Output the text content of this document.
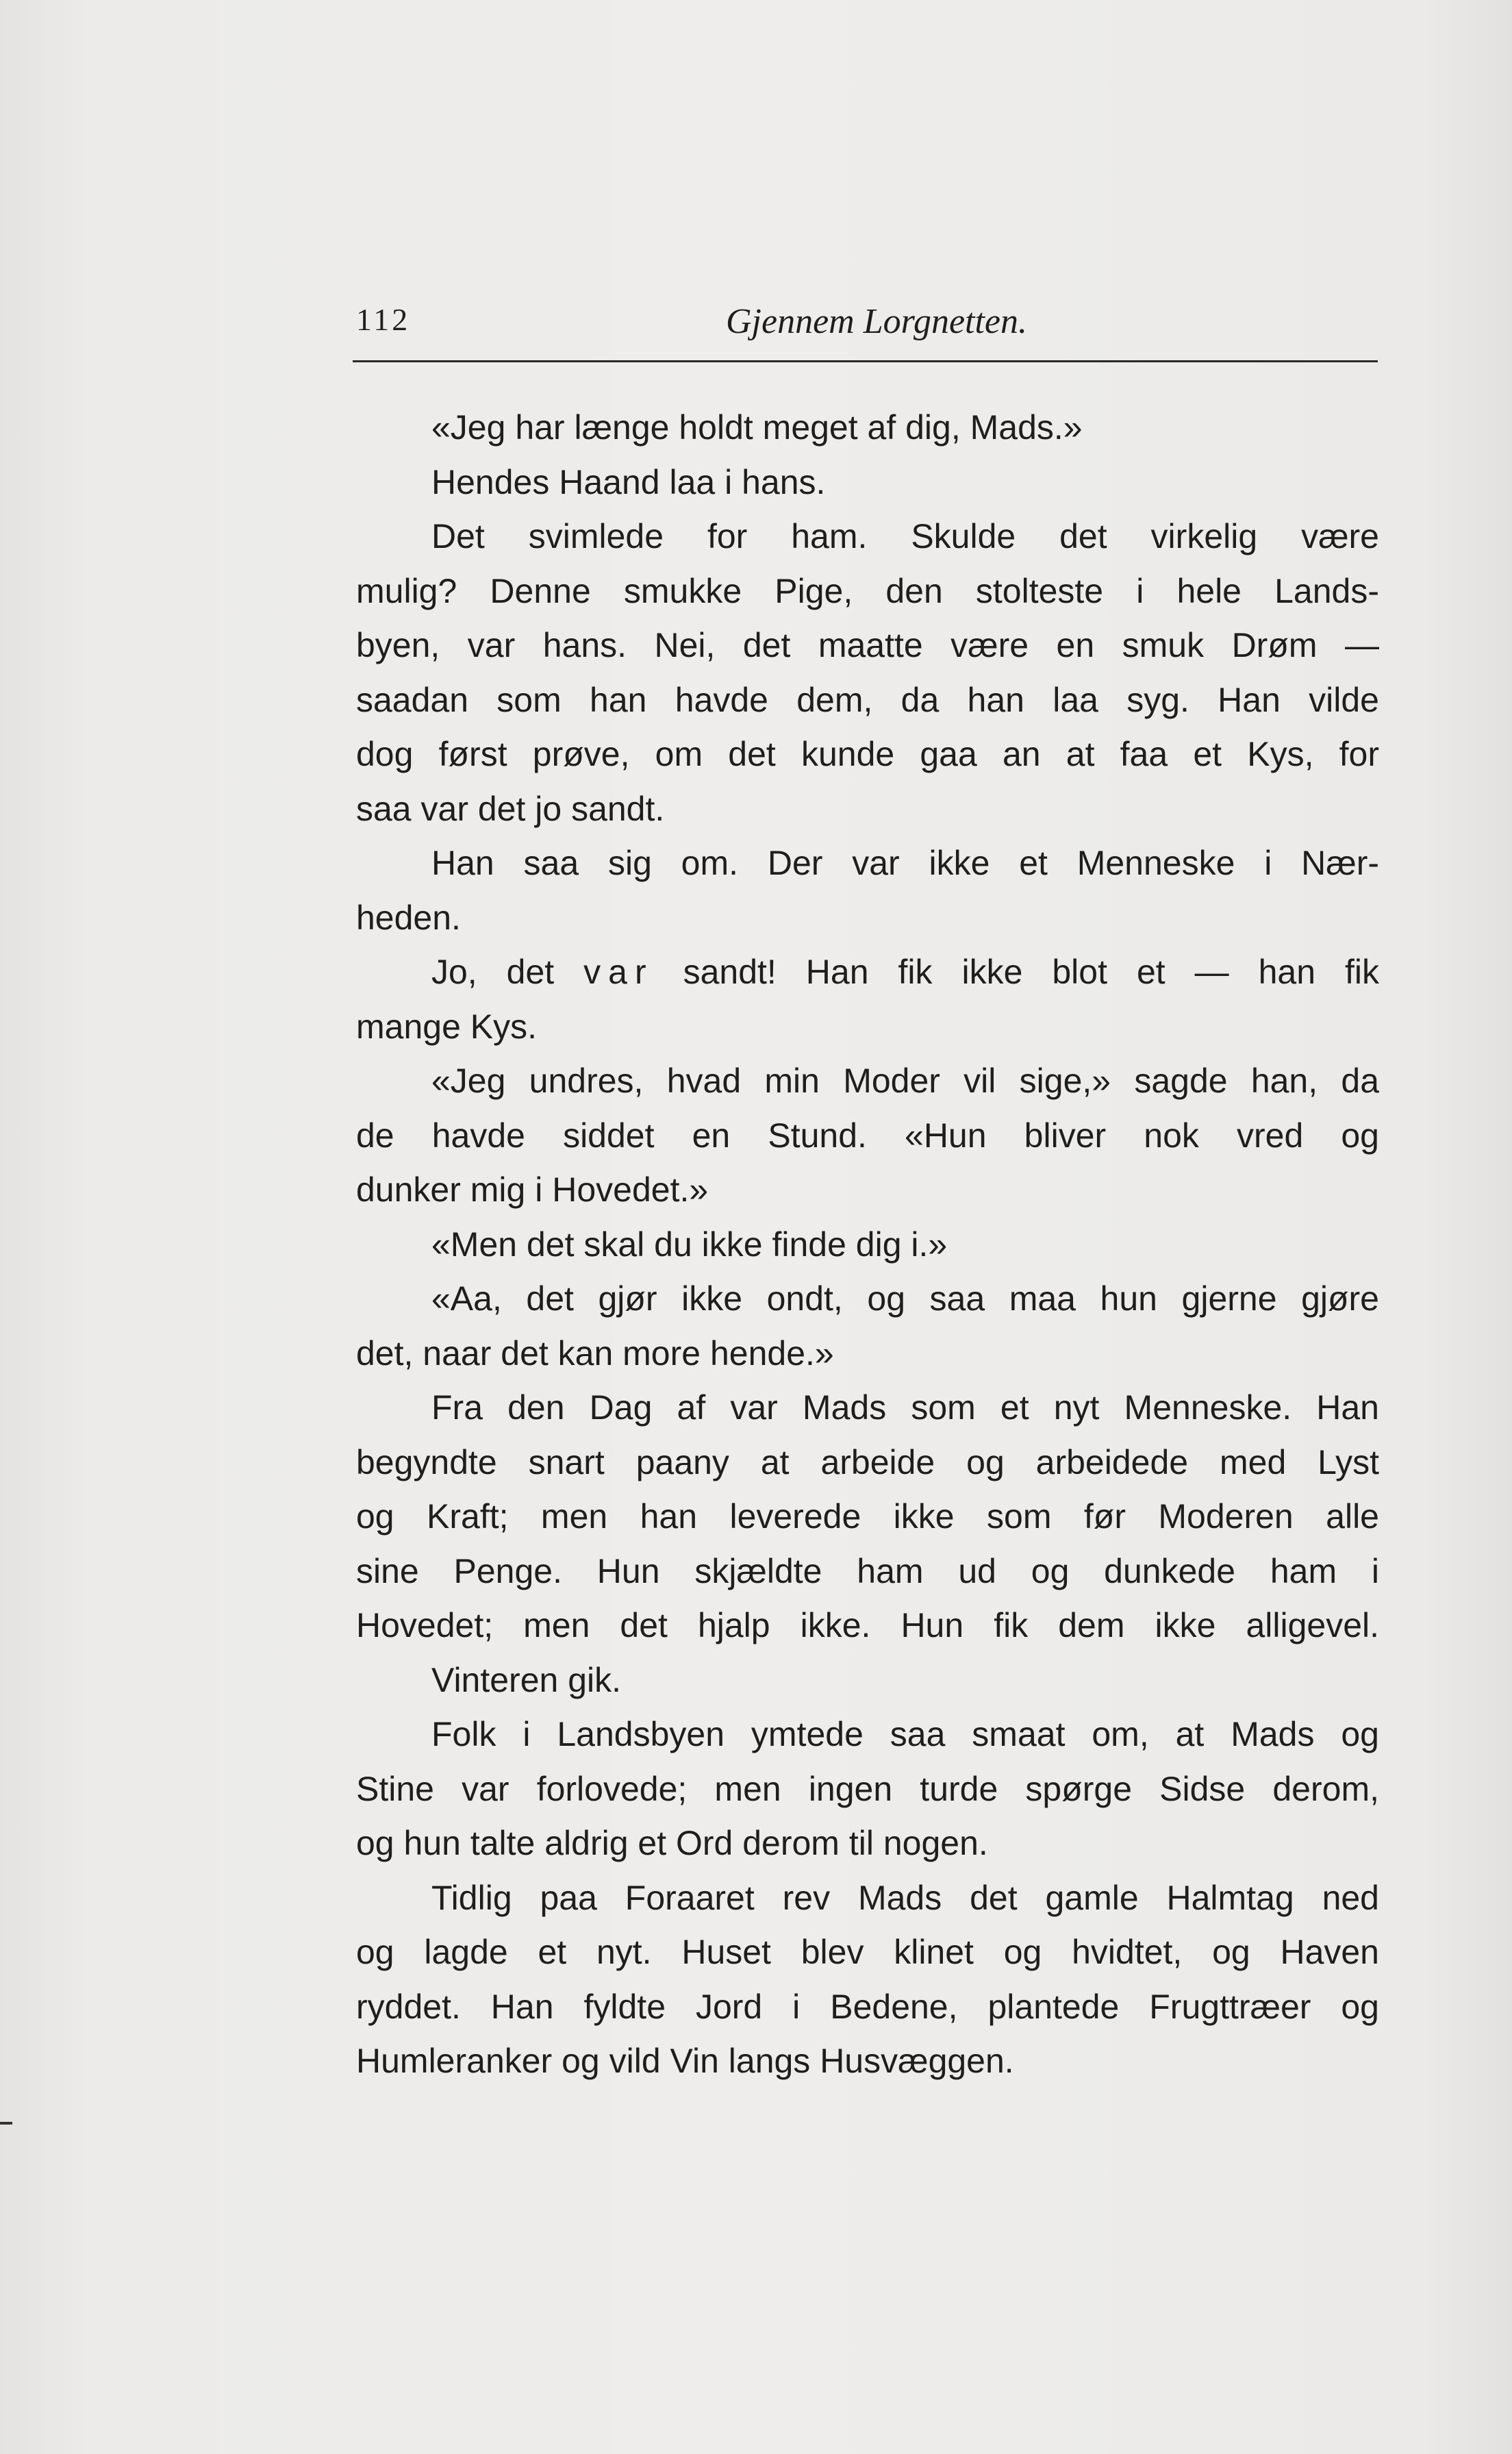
112	Gjennem Lorgnetten.
«Jeg har længe holdt meget af dig, Mads.»
Hendes Haand laa i hans.
Det svimlede for ham. Skulde det virkelig være
mulig? Denne smukke Pige, den stolteste i hele Lands-
byen, var hans. Nei, det maatte være en smuk Drøm —
saadan som han havde dem, da han laa syg. Han vilde
dog først prøve, om det kunde gaa an at faa et Kys, for
saa var det jo sandt.
Han saa sig om. Der var ikke et Menneske i Nær-
heden.
Jo, det var sandt! Han fik ikke blot et — han fik
mange Kys.
«Jeg undres, hvad min Moder vil sige,» sagde han, da
de havde siddet en Stund. «Hun bliver nok vred og
dunker mig i Hovedet.»
«Men det skal du ikke finde dig i.»
«Aa, det gjør ikke ondt, og saa maa hun gjerne gjøre
det, naar det kan more hende.»
Fra den Dag af var Mads som et nyt Menneske. Han
begyndte snart paany at arbeide og arbeidede med Lyst
og Kraft; men han leverede ikke som før Moderen alle
sine Penge. Hun skjældte ham ud og dunkede ham i
Hovedet; men det hjalp ikke. Hun fik dem ikke alligevel.
Vinteren gik.
Folk i Landsbyen ymtede saa smaat om, at Mads og
Stine var forlovede; men ingen turde spørge Sidse derom,
og hun talte aldrig et Ord derom til nogen.
Tidlig paa Foraaret rev Mads det gamle Halmtag ned
og lagde et nyt. Huset blev klinet og hvidtet, og Haven
ryddet. Han fyldte Jord i Bedene, plantede Frugttræer og
Humleranker og vild Vin langs Husvæggen.
